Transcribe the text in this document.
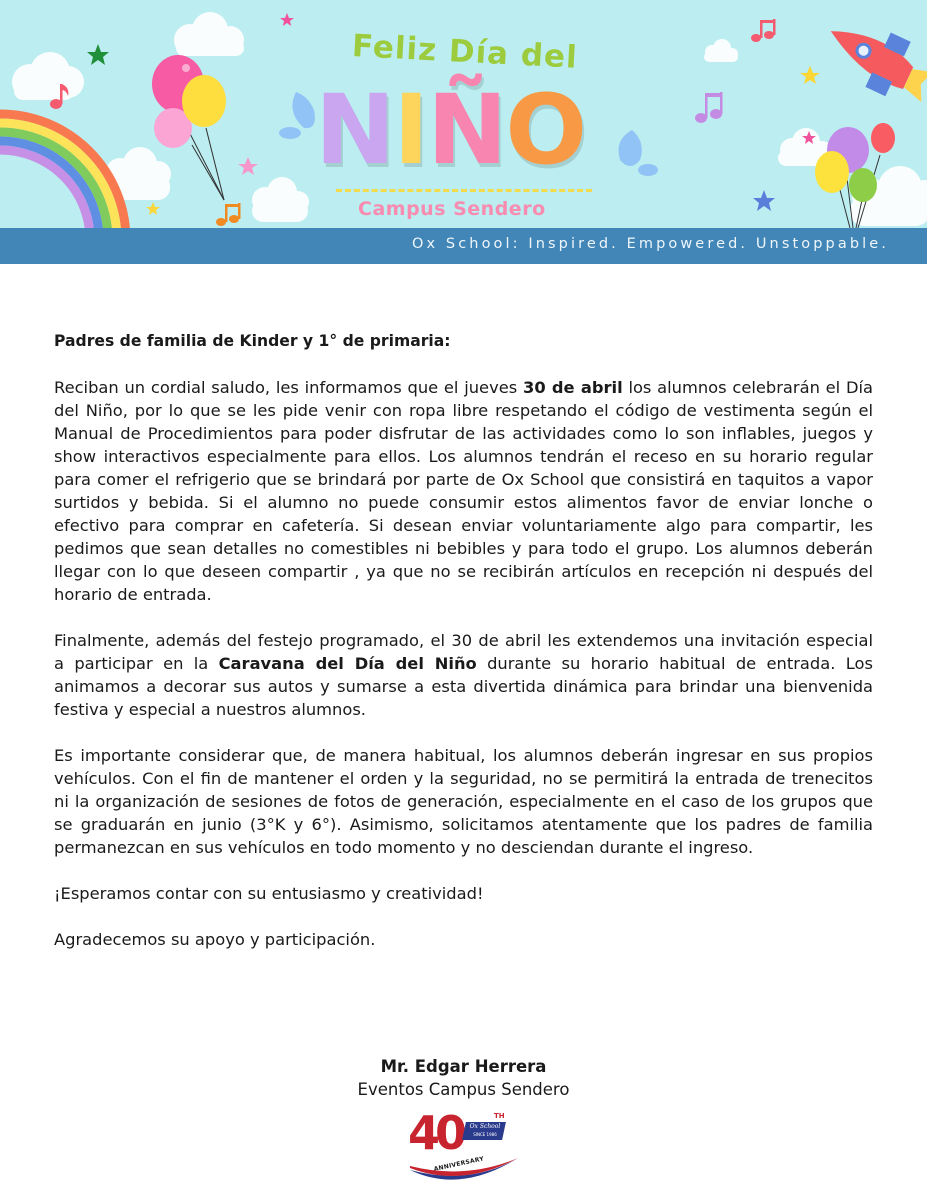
Feliz Día del
NIÑO
Campus Sendero
Ox School: Inspired. Empowered. Unstoppable.
Padres de familia de Kinder y 1° de primaria:

Reciban un cordial saludo, les informamos que el jueves 30 de abril los alumnos celebrarán el Día del Niño, por lo que se les pide venir con ropa libre respetando el código de vestimenta según el Manual de Procedimientos para poder disfrutar de las actividades como lo son inflables, juegos y show interactivos especialmente para ellos. Los alumnos tendrán el receso en su horario regular para comer el refrigerio que se brindará por parte de Ox School que consistirá en taquitos a vapor surtidos y bebida. Si el alumno no puede consumir estos alimentos favor de enviar lonche o efectivo para comprar en cafetería. Si desean enviar voluntariamente algo para compartir, les pedimos que sean detalles no comestibles ni bebibles y para todo el grupo. Los alumnos deberán llegar con lo que deseen compartir , ya que no se recibirán artículos en recepción ni después del horario de entrada.

Finalmente, además del festejo programado, el 30 de abril les extendemos una invitación especial a participar en la Caravana del Día del Niño durante su horario habitual de entrada. Los animamos a decorar sus autos y sumarse a esta divertida dinámica para brindar una bienvenida festiva y especial a nuestros alumnos.

Es importante considerar que, de manera habitual, los alumnos deberán ingresar en sus propios vehículos. Con el fin de mantener el orden y la seguridad, no se permitirá la entrada de trenecitos ni la organización de sesiones de fotos de generación, especialmente en el caso de los grupos que se graduarán en junio (3°K y 6°). Asimismo, solicitamos atentamente que los padres de familia permanezcan en sus vehículos en todo momento y no desciendan durante el ingreso.

¡Esperamos contar con su entusiasmo y creatividad!

Agradecemos su apoyo y participación.

Mr. Edgar Herrera
Eventos Campus Sendero
40	TH
Ox School
SINCE 1986
ANNIVERSARY
